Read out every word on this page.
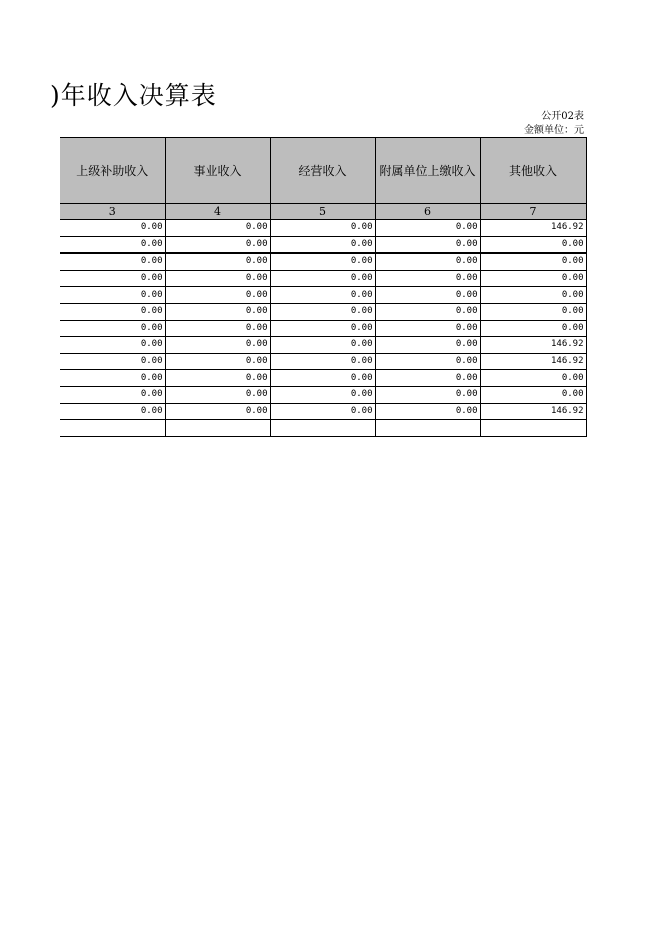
)年收入决算表
公开02表
金额单位：元
上级补助收入	事业收入	经营收入	附属单位上缴收入	其他收入
3	4	5	6	7
0.00	0.00	0.00	0.00	146.92
0.00	0.00	0.00	0.00	0.00
0.00	0.00	0.00	0.00	0.00
0.00	0.00	0.00	0.00	0.00
0.00	0.00	0.00	0.00	0.00
0.00	0.00	0.00	0.00	0.00
0.00	0.00	0.00	0.00	0.00
0.00	0.00	0.00	0.00	146.92
0.00	0.00	0.00	0.00	146.92
0.00	0.00	0.00	0.00	0.00
0.00	0.00	0.00	0.00	0.00
0.00	0.00	0.00	0.00	146.92
